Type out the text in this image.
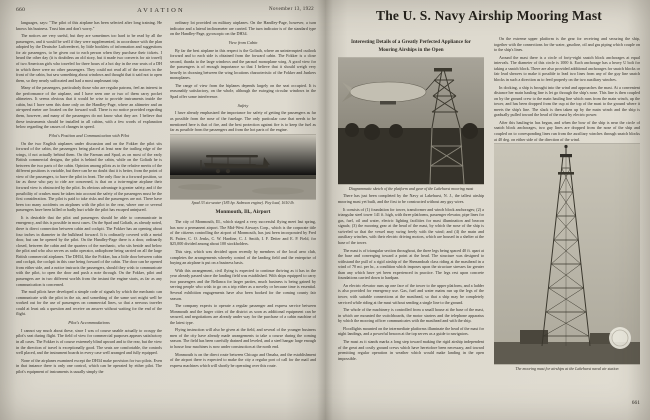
660	AVIATION	November 13, 1922

languages, says: "The pilot of this airplane has been selected after long training. He knows his business. Trust him and don't worry."

The notices are very useful, but they are sometimes too hard to be read by all the passengers, and it would be well if they were supplemented, in accordance with the plan adopted by the Deutsche Luftreederei, by little booklets of information and suggestions for air passengers, to be given out to each person when they purchase their tickets. I heard the other day (it is doubtless an old story, but it made two converts for air travel) of two American girls who traveled for three hours of a hot day in the rear seats of a DH in which there were no other passengers. They could not read all of the notices in the front of the cabin, but saw something about windows and thought that it said not to open them, so they nearly suffocated and had a most unpleasant trip.

Many of the passengers, particularly those who are regular patrons, feel an interest in the performance of the airplane, and I have seen one or two of them carry pocket altimeters. It seems obvious that it would be wise to provide instruments inside the cabin, but I have seen this done only on the Handley-Page, where an altimeter and an air-speed meter are located on the forward wall. There is no notice provided regarding them, however, and many of the passengers do not know what they are. I believe that these instruments should be installed in all cabins, with a few words of explanation below regarding the causes of changes in speed.

Pilot's Position and Communication with Pilot

On the two English airplanes under discussion and on the Fokker the pilot sits forward of the cabin, the passengers being placed at least near the trailing edge of the wings, if not actually behind them. On the Farman and Spad, as on most of the early British commercial designs, the pilot is behind the cabin, while on the Goliath he is between the two parts of the cabin. Opinion among pilots as to the relative merits of the different positions is variable, but there can be no doubt that it is better, from the point of view of the passengers, to have the pilot in front. The only flaw in a forward position, so far as those who pay to ride are concerned, is that on a twin-engine airplane their forward view is obstructed by the pilot. Its obvious advantage is greater safety, and if the possibility of crashes must be taken into account the safety of the passengers must be the first consideration. The pilot is paid to take risks and the passengers are not. There have been too many accidents on airplanes with the pilot in the rear, where one or several passengers have been killed or badly hurt while the pilot has escaped uninjured.

It is desirable that the pilot and passengers should be able to communicate in emergency, and this is possible in most cases. On the Spad and Goliath, as already noted, there is direct connection between cabin and cockpit. The Fokker has an opening about four inches in diameter in the bulkhead forward. It is ordinarily covered with a metal door, but can be opened by the pilot. On the Handley-Page there is a door, ordinarily closed, between the cabin and the quarters of the mechanic, who sits beside and below the pilot and who also serves as radio operator, radiophone being carried on all the large British commercial airplanes. The DH34, like the Fokker, has a little door between cabin and cockpit, the cockpit in this case being forward of the cabin. The door can be opened from either side, and a notice instructs the passengers, should they wish to communicate with the pilot, to open the door and push a note through. On the Fokker, pilot and passengers are in two different worlds from the instant the engine starts, as far as any communication is concerned.

The mail pilots have developed a simple code of signals by which the mechanic can communicate with the pilot in the air, and something of the same sort might well be worked out for the use of passengers on commercial lines, so that a nervous traveler could at least ask a question and receive an answer without waiting for the end of the flight.

Pilot's Accommodations

I cannot say much about these, since I was of course unable actually to occupy the pilot's seat during flight. The field of view for commercial purposes appears satisfactory in all cases. The Fokker is of course extremely blind upward and to the rear, but the view in the direction of travel is exceptionally good. The seats are comfortable, the controls well placed, and the instrument boards in every case well arranged and fully equipped.

None of the airplanes examined except the DH34 make provision for two pilots. Even in that instance there is only one control, which can be operated by either pilot. The pilot's equipment of instruments is usually simply the

ordinary lot provided on military airplanes. On the Handley-Page, however, a turn indicator and a lateral inclinometer are carried. The turn indicator is of the standard type on the Handley-Page, gyroscopic on the DH34.

View from Cabin

By far the best airplane in this respect is the Goliath, where an uninterrupted outlook forward and to each side is obtained from the forward cabin. The Fokker is a close second, thanks to the large windows and the parasol monoplane wing. A good view for the passengers is of enough importance so that I believe that it should weigh very heavily in choosing between the wing locations characteristic of the Fokker and Junkers monoplanes.

The range of view from the biplanes depends largely on the seat occupied. It is reasonably satisfactory, on the whole, although the swinging circular windows in the Spad offer some interference.

Safety

I have already emphasized the importance for safety of getting the passengers as far as possible from the nose of the fuselage. The only particular case that needs to be mentioned here is that of fire, and the best protection against fire is to keep the fuel as far as possible from the passengers and from the hot parts of the engine.

Spad 33 six-seater (185 hp. Salmson engine). Pay load, 1610 lb.
Monmouth, Ill., Airport

The city of Monmouth, Ill., which staged a very successful flying meet last spring, has now a permanent airport. The Mid-West Airways Corp., which is the corporate title of the citizens controlling the airport of Monmouth, has just been incorporated by Fred B. Pattee, C. O. Jenks, C. W. Hardine, C. J. Smith, I. F. Deiter and E. P. Field, for $25,000 divided among about 100 stockholders.

This step, which was decided upon recently by members of the local aero club, completes the arrangements whereby control of the landing field and the enterprise of buying an airplane is put on a business basis.

With this arrangement, civil flying is expected to continue thriving as it has in the year already passed since the landing field was established. With ships equipped to carry two passengers and the Bellanca for larger parties, much business is being gained by serving people who wish to go on a trip either as a novelty or because time is essential. Several exhibition engagements have also been booked for the coming county fair season.

The company expects to operate a regular passenger and express service between Monmouth and the larger cities of the district as soon as additional equipment can be secured, and negotiations are already under way for the purchase of a cabin machine of the latest type.

Flying instruction will also be given at the field, and several of the younger business men of the city have already made arrangements to take a course during the coming season. The field has been carefully drained and leveled, and a steel hangar large enough to house four machines is now under construction at the north end.

Monmouth is on the direct route between Chicago and Omaha, and the establishment of the airport there is expected to make the city a regular port of call for the mail and express machines which will shortly be operating over this route.

The U. S. Navy Airship Mooring Mast
Interesting Details of a Greatly Perfected Appliance for Mooring Airships in the Open
Diagrammatic sketch of the platform and gear of the Lakehurst mooring mast

There has just been completed by the Navy at Lakehurst, N. J., the tallest airship mooring mast yet built, and the first to be constructed without any guy wires.

It consists of (1) foundation for tower, transformer and winch block anchorages; (2) a triangular steel tower 141 ft. high, with three platforms, passenger elevator, pipe lines for gas, fuel, oil and water, electric lighting facilities for mast illumination and beacon signals; (3) the mooring gear at the head of the mast, by which the nose of the ship is swiveled so that the vessel may swing freely with the wind; and (4) the main and auxiliary winches, with their electric driving motors, which are housed in a shelter at the base of the tower.

The mast is of triangular section throughout, the three legs being spaced 40 ft. apart at the base and converging toward a point at the head. The structure was designed to withstand the pull of a rigid airship of the Shenandoah class riding at the masthead in a wind of 70 mi. per hr., a condition which imposes upon the structure stresses far greater than any which have yet been experienced in practice. The legs rest upon concrete foundations carried down to hardpan.

An electric elevator runs up one face of the tower to the upper platform, and a ladder is also provided for emergency use. Gas, fuel and water mains run up the legs of the tower, with suitable connections at the masthead, so that a ship may be completely serviced while riding at the mast without sending a single line to the ground.

The whole of the machinery is controlled from a small house at the base of the mast, in which are mounted the switchboards, the motor starters and the telephone apparatus by which the mooring officer communicates with the masthead and with the ship.

Floodlights mounted on the intermediate platforms illuminate the head of the mast for night landings, and a powerful beacon at the top serves as a guide to navigators.

The mast as it stands marks a long step toward making the rigid airship independent of the great and costly ground crews which have heretofore been necessary, and toward permitting regular operation in weather which would make landing in the open impossible.

On the extreme upper platform is the gear for receiving and securing the ship, together with the connections for the water, gasoline, oil and gas piping which couple on to the ship's lines.

Around the mast there is a circle of forty-eight snatch block anchorages at equal intervals. The diameter of this circle is 1000 ft. Each anchorage has a heavy U bolt for taking a snatch block. There are also provided additional anchorages for snatch blocks or fair lead sheaves to make it possible to lead two lines from any of the guy line snatch blocks in such a direction as to feed properly on the two auxiliary winches.

In docking, a ship is brought into the wind and approaches the mast. At a convenient distance her main hauling line is let go through the ship's nose. This line is then coupled on by the ground crew to the main hauling line which runs from the main winch, up the tower, and has been dropped from the cup at the top of the mast to the ground where it meets the ship's line. The slack is then taken up by the main winch and the ship is gradually pulled toward the head of the mast by electric power.

After this hauling-in has begun, and when the bow of the ship is near the circle of snatch block anchorages, two guy lines are dropped from the nose of the ship and coupled on to corresponding lines run from the auxiliary winches through snatch blocks at 40 deg. on either side of the direction of the wind.

The mooring mast for airships at the Lakehurst naval air station
661
